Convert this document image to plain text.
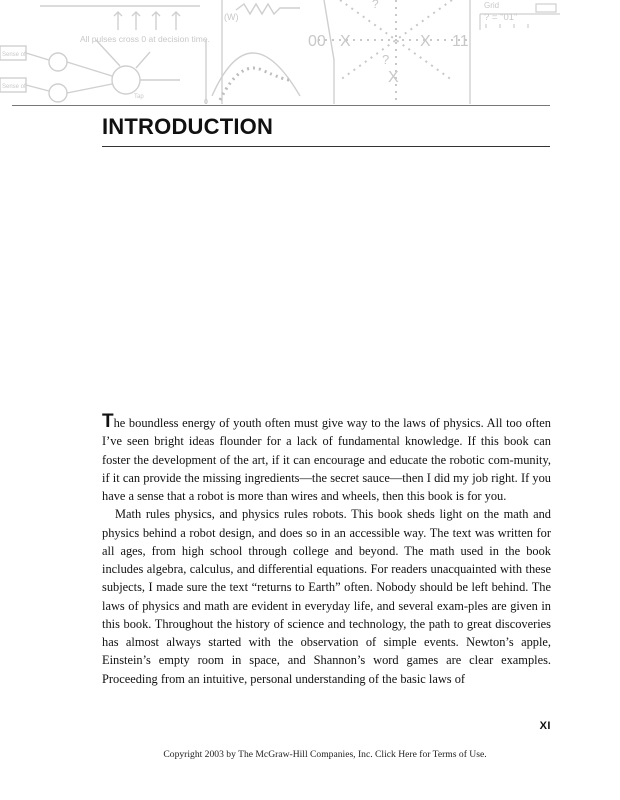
(W)
All pulses cross 0 at decision time.	00 X	X
X
11
?
?	Grid
? = "01"
0
Sense of
Sense of
Tap
INTRODUCTION

The boundless energy of youth often must give way to the laws of physics. All too often I’ve seen bright ideas flounder for a lack of fundamental knowledge. If this book can foster the development of the art, if it can encourage and educate the robotic com-munity, if it can provide the missing ingredients—the secret sauce—then I did my job right. If you have a sense that a robot is more than wires and wheels, then this book is for you.

Math rules physics, and physics rules robots. This book sheds light on the math and physics behind a robot design, and does so in an accessible way. The text was written for all ages, from high school through college and beyond. The math used in the book includes algebra, calculus, and differential equations. For readers unacquainted with these subjects, I made sure the text “returns to Earth” often. Nobody should be left behind. The laws of physics and math are evident in everyday life, and several exam-ples are given in this book. Throughout the history of science and technology, the path to great discoveries has almost always started with the observation of simple events. Newton’s apple, Einstein’s empty room in space, and Shannon’s word games are clear examples. Proceeding from an intuitive, personal understanding of the basic laws of

XI
Copyright 2003 by The McGraw-Hill Companies, Inc. Click Here for Terms of Use.
